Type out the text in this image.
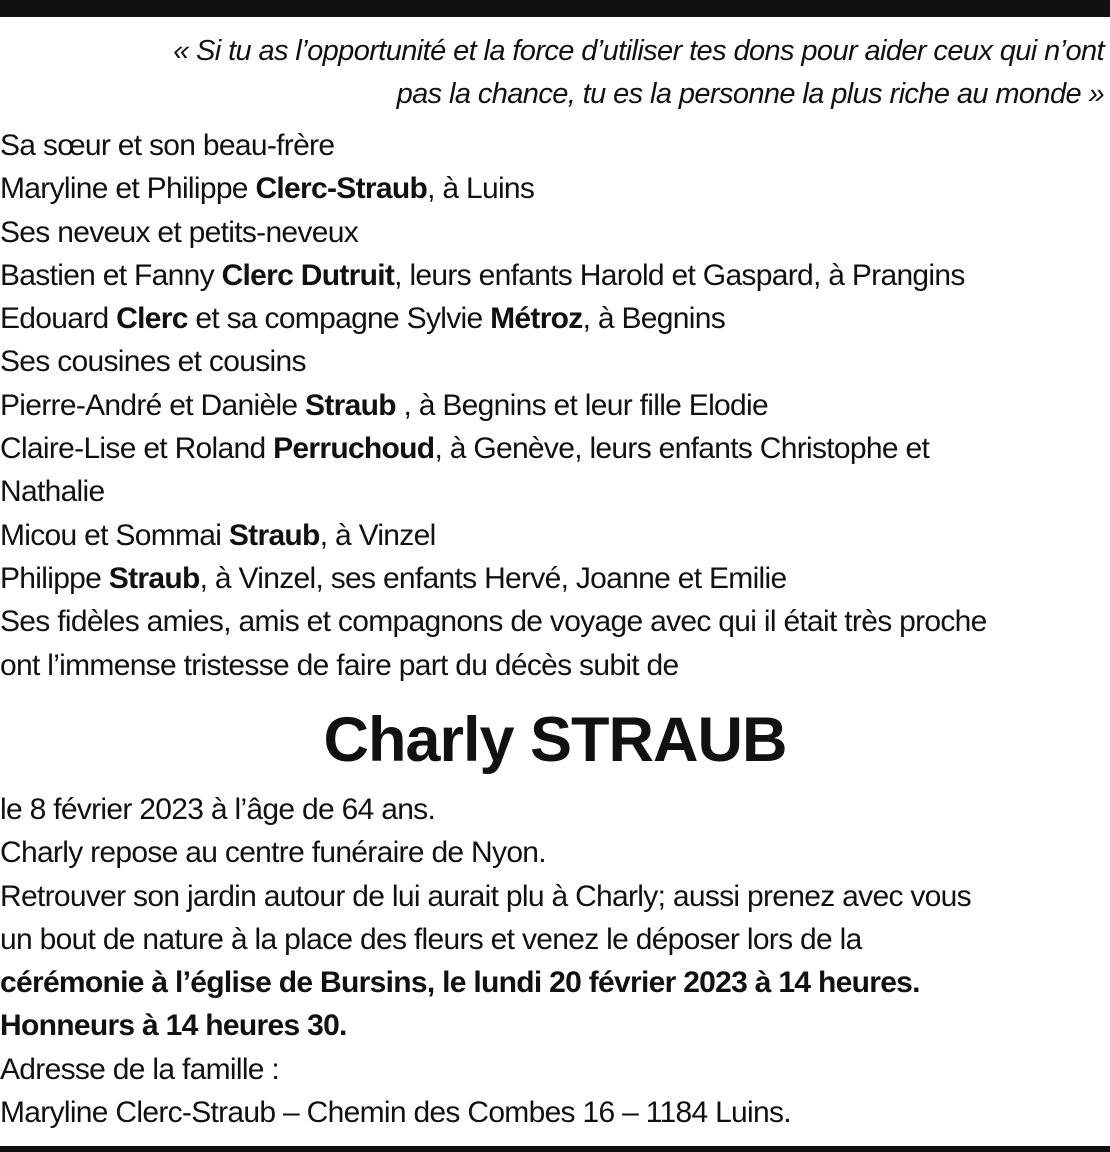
« Si tu as l’opportunité et la force d’utiliser tes dons pour aider ceux qui n’ont
pas la chance, tu es la personne la plus riche au monde »
Sa sœur et son beau-frère
Maryline et Philippe Clerc-Straub, à Luins
Ses neveux et petits-neveux
Bastien et Fanny Clerc Dutruit, leurs enfants Harold et Gaspard, à Prangins
Edouard Clerc et sa compagne Sylvie Métroz, à Begnins
Ses cousines et cousins
Pierre-André et Danièle Straub , à Begnins et leur fille Elodie
Claire-Lise et Roland Perruchoud, à Genève, leurs enfants Christophe et
Nathalie
Micou et Sommai Straub, à Vinzel
Philippe Straub, à Vinzel, ses enfants Hervé, Joanne et Emilie
Ses fidèles amies, amis et compagnons de voyage avec qui il était très proche
ont l’immense tristesse de faire part du décès subit de
Charly STRAUB
le 8 février 2023 à l’âge de 64 ans.
Charly repose au centre funéraire de Nyon.
Retrouver son jardin autour de lui aurait plu à Charly; aussi prenez avec vous
un bout de nature à la place des fleurs et venez le déposer lors de la
cérémonie à l’église de Bursins, le lundi 20 février 2023 à 14 heures.
Honneurs à 14 heures 30.
Adresse de la famille :
Maryline Clerc-Straub – Chemin des Combes 16 – 1184 Luins.
